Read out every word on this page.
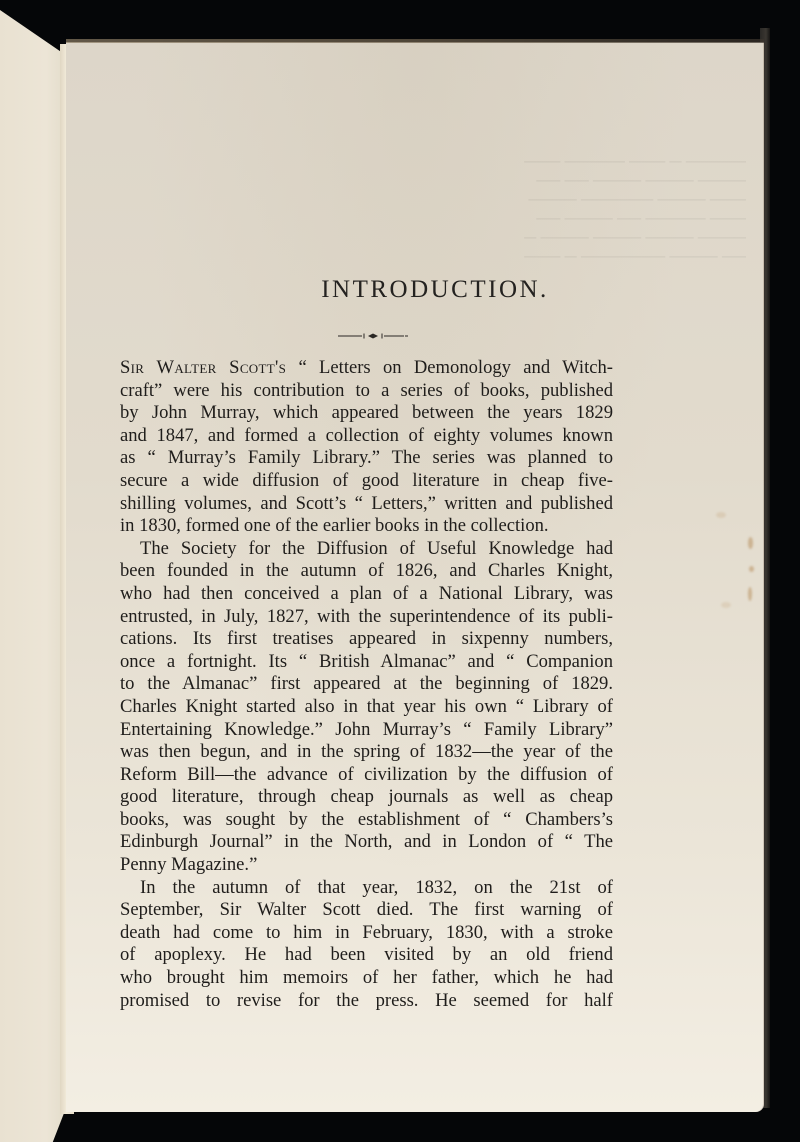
───── ─ ─── ───── ───
──── ──── ──── ── ──
─── ──── ────── ────
─── ───── ── ──── ──
──── ──── ──── ──── ─
── ──── ─────── ─ ───
INTRODUCTION.
Sir Walter Scott's “ Letters on Demonology and Witch-
craft” were his contribution to a series of books, published
by John Murray, which appeared between the years 1829
and 1847, and formed a collection of eighty volumes known
as “ Murray’s Family Library.” The series was planned to
secure a wide diffusion of good literature in cheap five-
shilling volumes, and Scott’s “ Letters,” written and published
in 1830, formed one of the earlier books in the collection.
The Society for the Diffusion of Useful Knowledge had
been founded in the autumn of 1826, and Charles Knight,
who had then conceived a plan of a National Library, was
entrusted, in July, 1827, with the superintendence of its publi-
cations. Its first treatises appeared in sixpenny numbers,
once a fortnight. Its “ British Almanac” and “ Companion
to the Almanac” first appeared at the beginning of 1829.
Charles Knight started also in that year his own “ Library of
Entertaining Knowledge.” John Murray’s “ Family Library”
was then begun, and in the spring of 1832—the year of the
Reform Bill—the advance of civilization by the diffusion of
good literature, through cheap journals as well as cheap
books, was sought by the establishment of “ Chambers’s
Edinburgh Journal” in the North, and in London of “ The
Penny Magazine.”
In the autumn of that year, 1832, on the 21st of
September, Sir Walter Scott died. The first warning of
death had come to him in February, 1830, with a stroke
of apoplexy. He had been visited by an old friend
who brought him memoirs of her father, which he had
promised to revise for the press. He seemed for half
